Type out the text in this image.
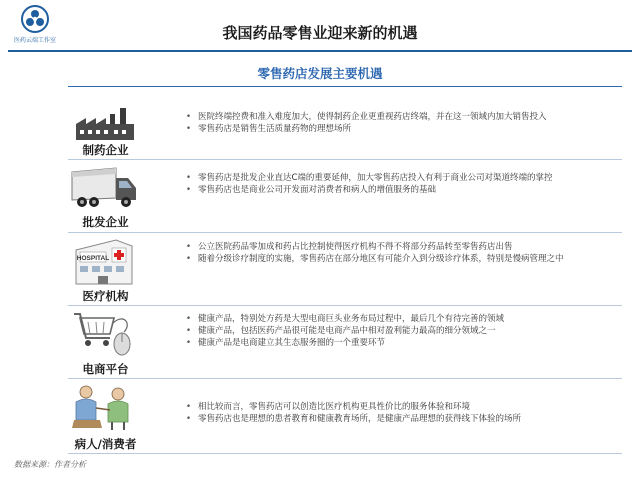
医药云端工作室	我国药品零售业迎来新的机遇
零售药店发展主要机遇
• 医院终端控费和准入难度加大，使得制药企业更重视药店终端，并在这一领域内加大销售投入
• 零售药店是销售生活质量药物的理想场所
• 零售药店是批发企业直达C端的重要延伸，加大零售药店投入有利于商业公司对渠道终端的掌控
• 零售药店也是商业公司开发面对消费者和病人的增值服务的基础
• 公立医院药品零加成和药占比控制使得医疗机构不得不将部分药品转至零售药店出售
• 随着分级诊疗制度的实施，零售药店在部分地区有可能介入到分级诊疗体系，特别是慢病管理之中
• 健康产品，特别处方药是大型电商巨头业务布局过程中，最后几个有待完善的领域
• 健康产品，包括医药产品很可能是电商产品中相对盈利能力最高的细分领域之一
• 健康产品是电商建立其生态服务圈的一个重要环节
• 相比较而言，零售药店可以创造比医疗机构更具性价比的服务体验和环境
• 零售药店也是理想的患者教育和健康教育场所，是健康产品理想的获得线下体验的场所
制药企业
批发企业
医疗机构
电商平台
病人/消费者
HOSPITAL
数据来源：作者分析
